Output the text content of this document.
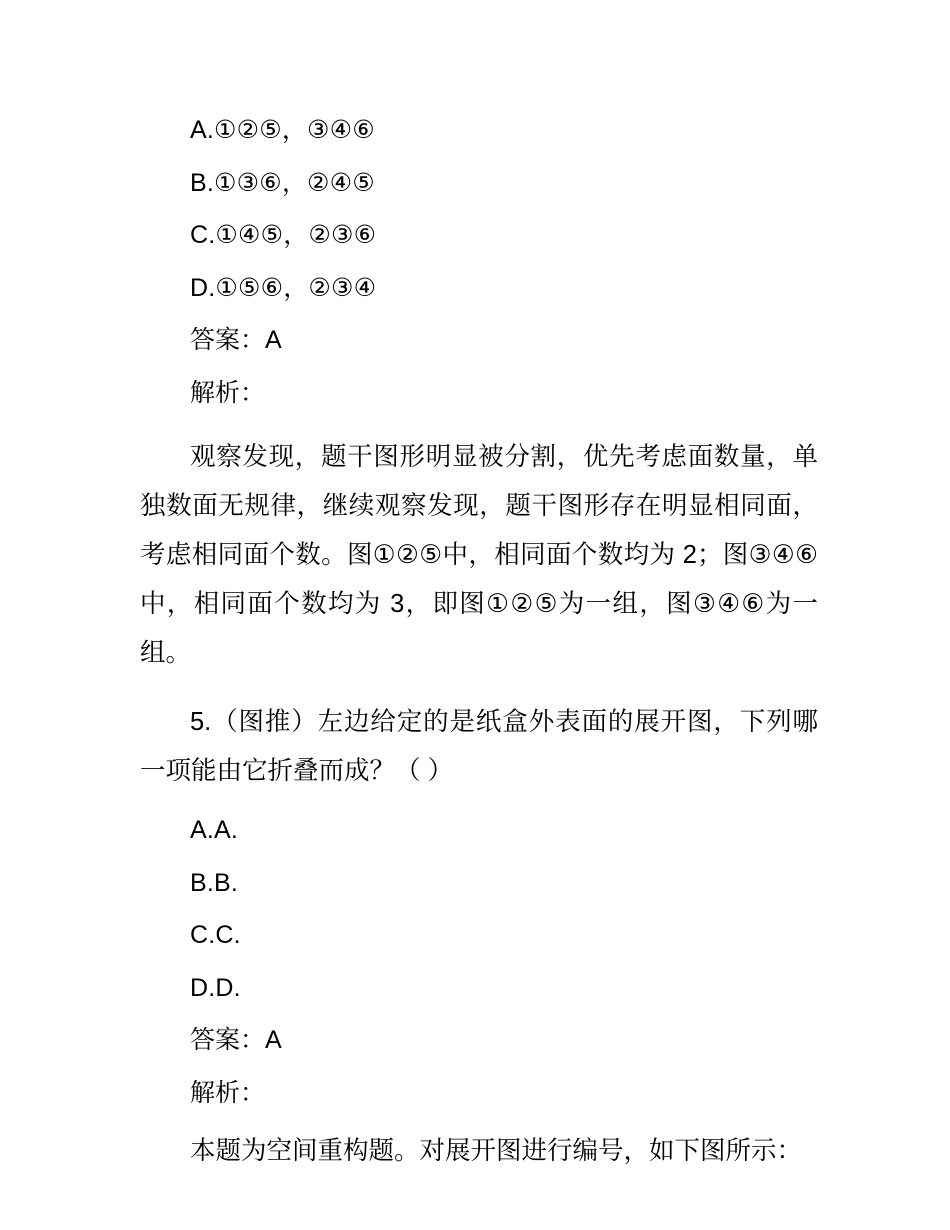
A.①②⑤，③④⑥
B.①③⑥，②④⑤
C.①④⑤，②③⑥
D.①⑤⑥，②③④
答案：A
解析：
观察发现，题干图形明显被分割，优先考虑面数量，单独数面无规律，继续观察发现，题干图形存在明显相同面，考虑相同面个数。图①②⑤中，相同面个数均为 2；图③④⑥中，相同面个数均为 3，即图①②⑤为一组，图③④⑥为一组。
5.（图推）左边给定的是纸盒外表面的展开图，下列哪一项能由它折叠而成？（ ）
A.A.
B.B.
C.C.
D.D.
答案：A
解析：
本题为空间重构题。对展开图进行编号，如下图所示：
